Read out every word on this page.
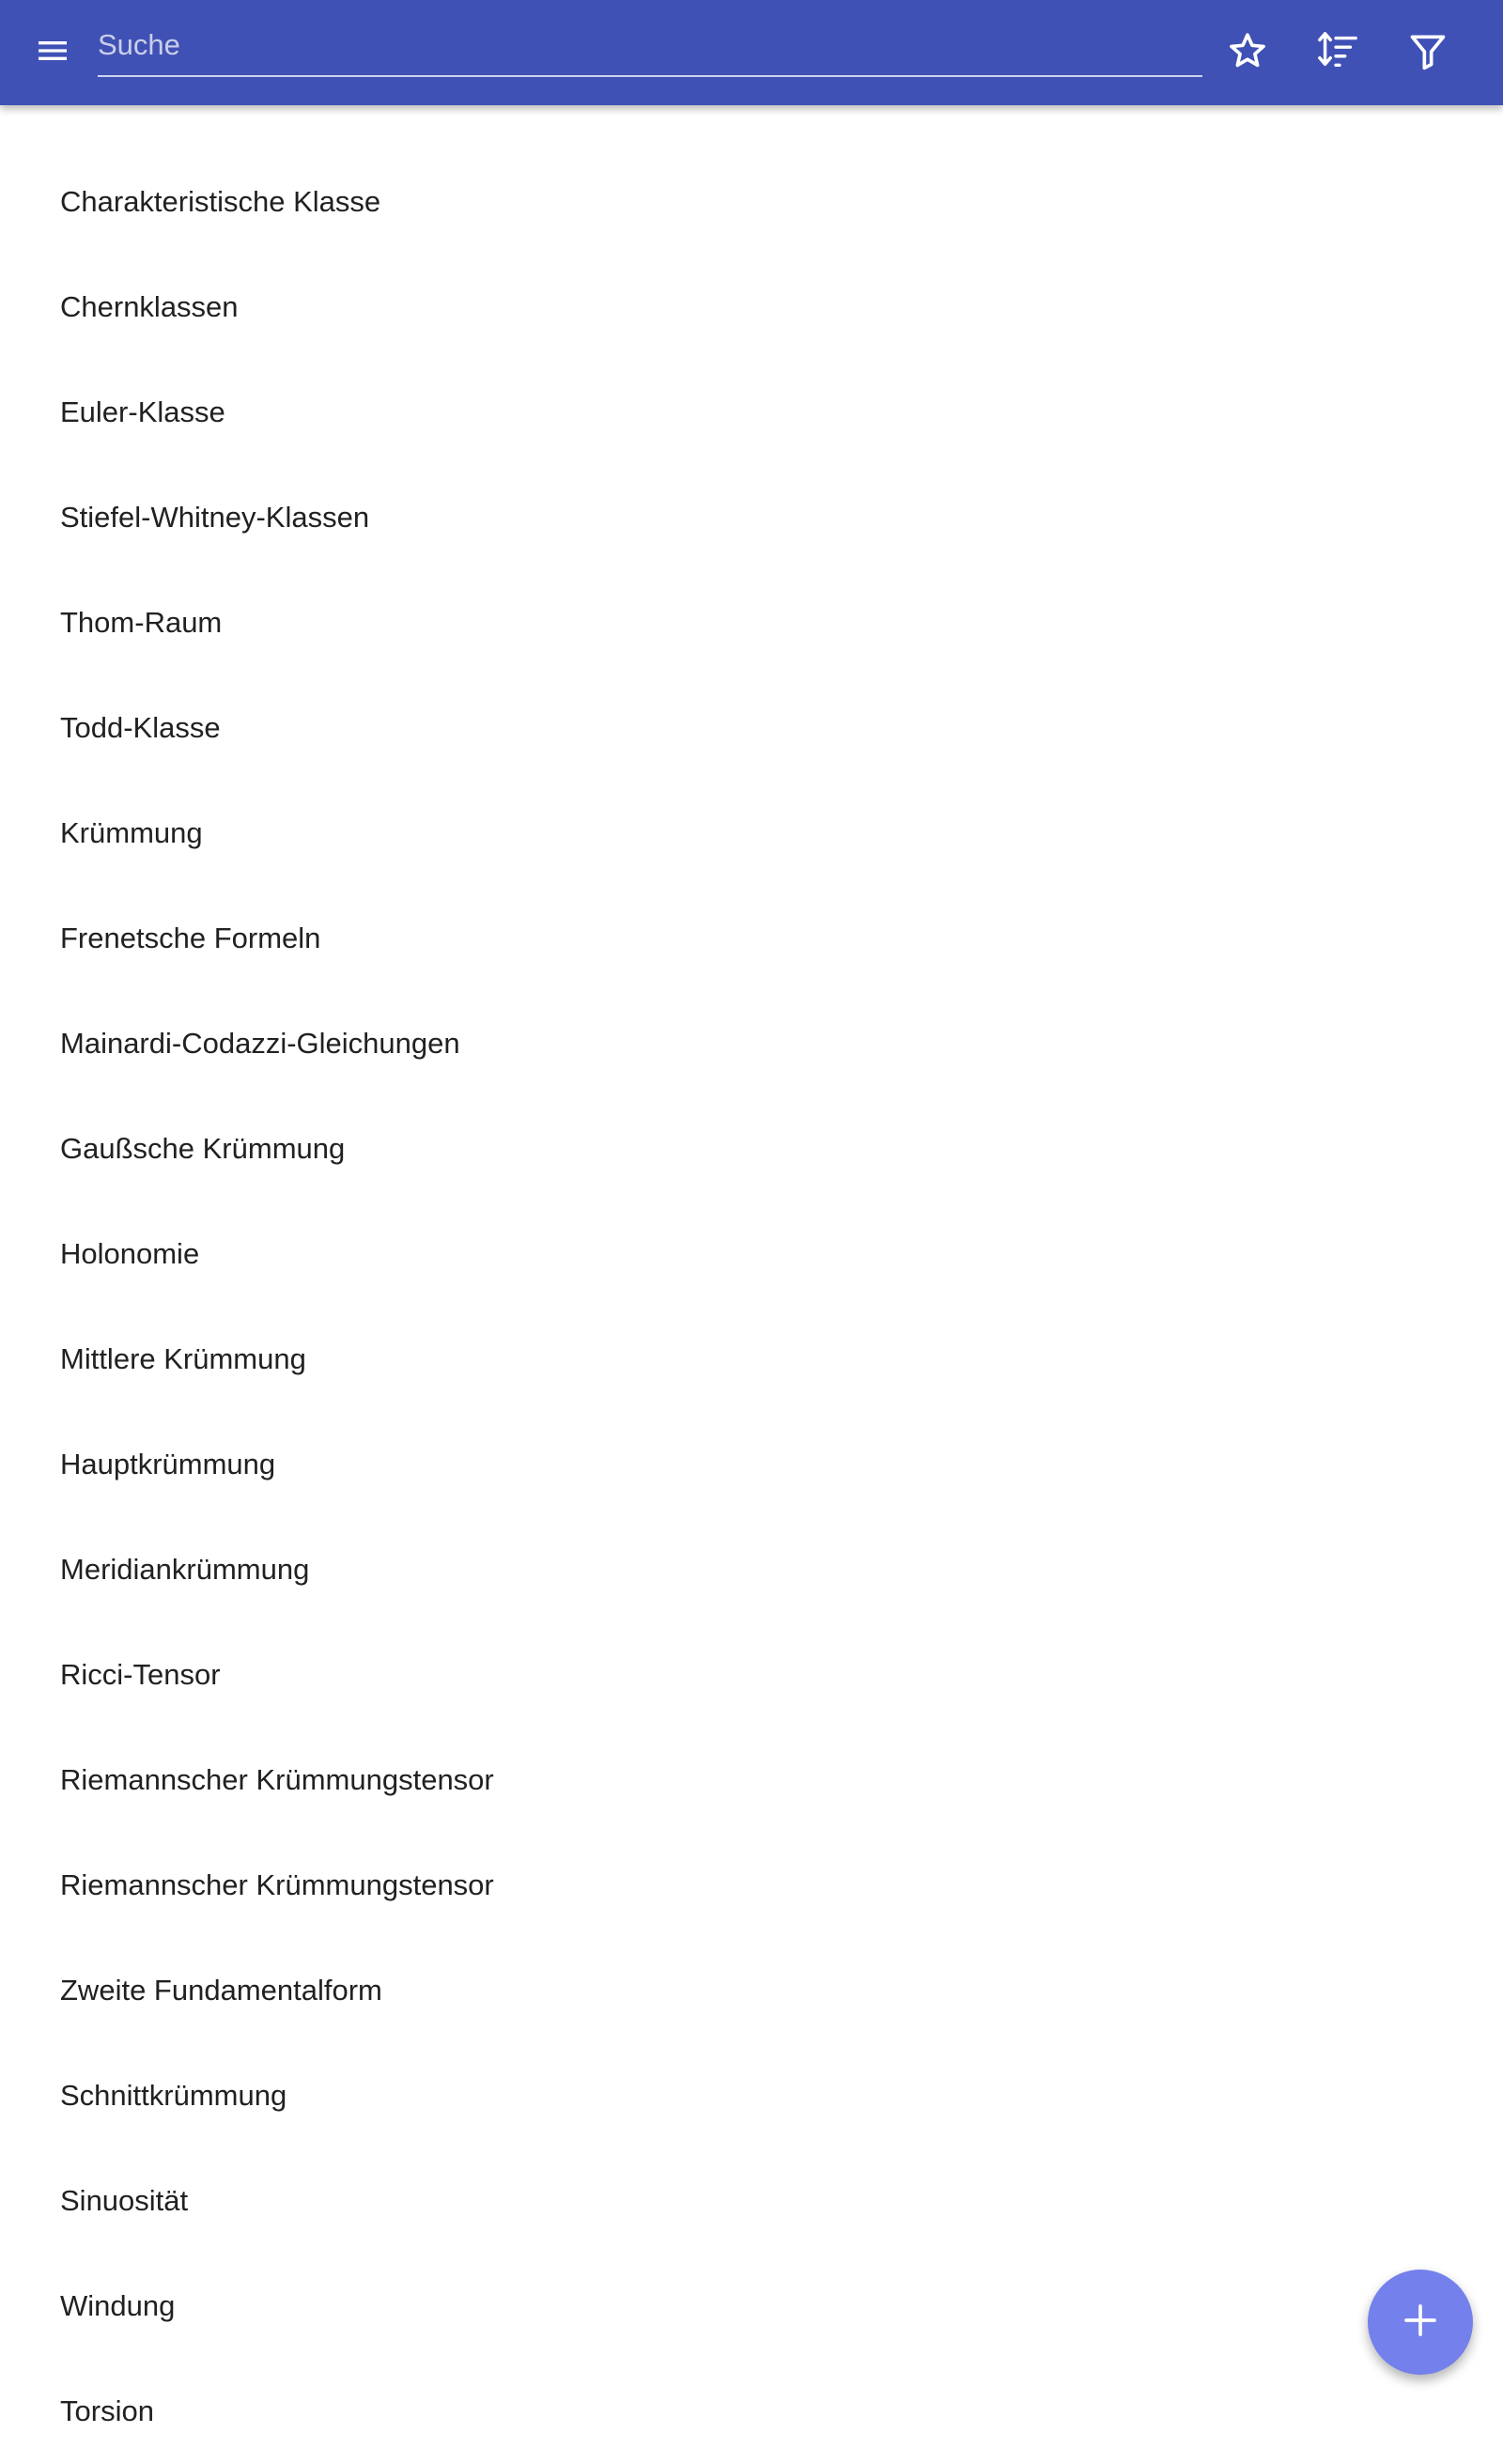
Suche
Charakteristische Klasse
Chernklassen
Euler-Klasse
Stiefel-Whitney-Klassen
Thom-Raum
Todd-Klasse
Krümmung
Frenetsche Formeln
Mainardi-Codazzi-Gleichungen
Gaußsche Krümmung
Holonomie
Mittlere Krümmung
Hauptkrümmung
Meridiankrümmung
Ricci-Tensor
Riemannscher Krümmungstensor
Riemannscher Krümmungstensor
Zweite Fundamentalform
Schnittkrümmung
Sinuosität
Windung
Torsion
